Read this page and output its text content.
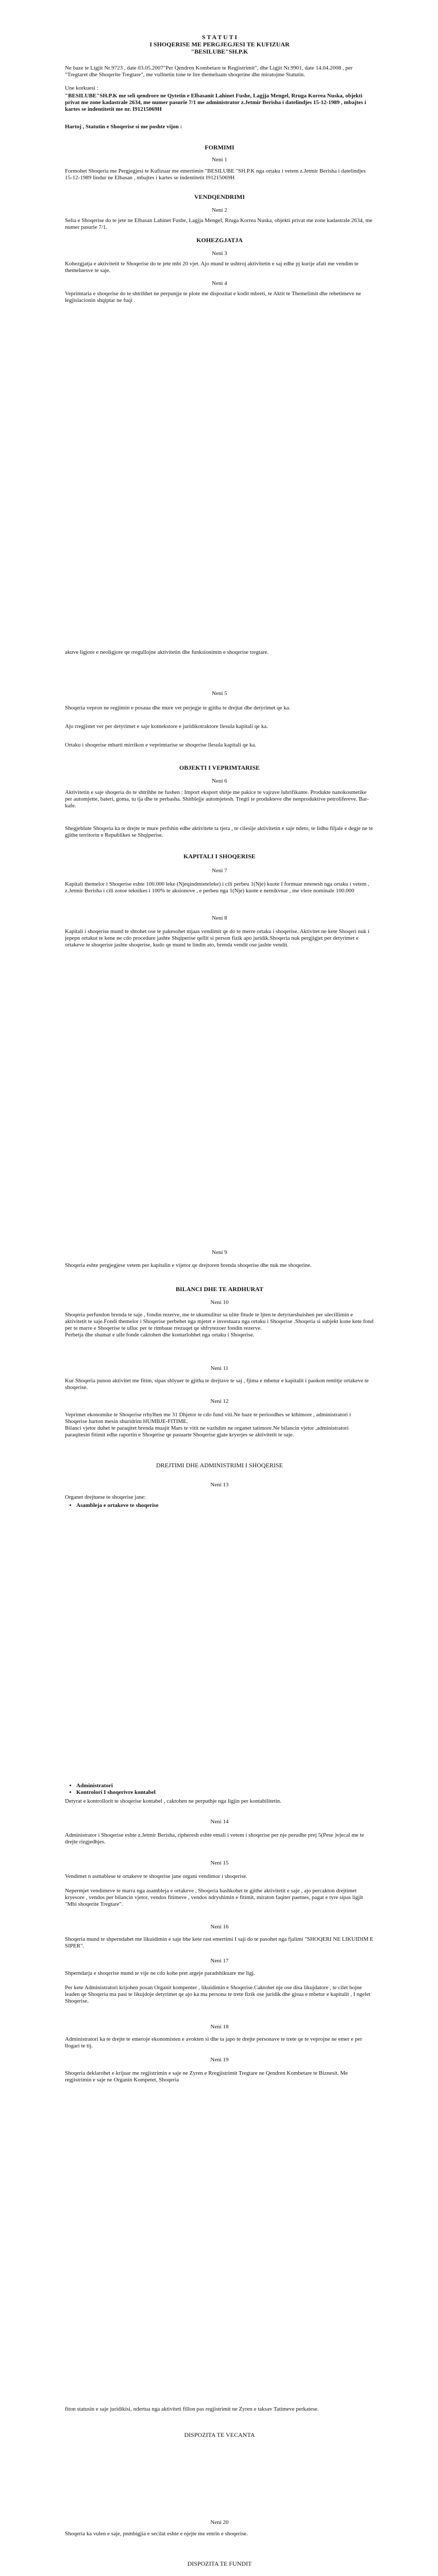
S T A T U T I
I SHOQERISE ME PERGJEGJESI TE KUFIZUAR
"BESILUBE"SH.P.K

Ne baze te Ligjit Nr.9723 , date 03.05.2007"Per Qendren Kombetare te Regjistrimit", dhe Ligjit Nr.9901, date 14.04.2008 , per "Tregtaret dhe Shoqerite Tregtare", me vullnetin tone te lire themeluam shoqerine dhe miratojme Statutin.

Une korkuesi :

"BESILUBE"SH.P.K me seli qendrore ne Qytetin e Elbasanit Lahinet Fushe, Lagjja Mengel, Rruga Korrea Nuska, objekti privat me zone kadastrale 2634, me numer pasurie 7/1 me administrator z.Jetmir Berisha i datelindjes 15-12-1989 , mbajtes i kartes se indentitetit me nr. I91215069H

Hartoj , Statutin e Shoqerise si me poshte vijon :

FORMIMI
Neni 1

Formohet Shoqeria me Pergjegjesi te Kufizuar me emertimin "BESILUBE "SH.P.K nga ortaku i vetem z.Jetmir Berisha i datelindjes 15-12-1989 lindur ne Elbasan , mbajtes i kartes se indentitetit I91215069H

VENDQENDRIMI
Neni 2

Selia e Shoqerise do te jete ne Elbasan Lahinet Fushe, Lagjja Mengel, Rruga Korrea Nuska, objekti privat me zone kadastrale 2634, me numer pasurie 7/1.

KOHEZGJATJA
Neni 3

Kohezgjatja e aktivitetit te Shoqerise do te jete mbi 20 vjet. Ajo mund te ushtroj aktivitetin e saj edhe pj kurije afati me vendim te themeluesve te saje.

Neni 4

Veprimtaria e shoqerise do te shtrihhet ne perpunjje te plote me dispozitat e kodit mbreti, te Aktit te Themelimit dhe rebetimeve ne legjislacionin shqiptar ne fuqi .

akuve ligjore e neoligjore qe rregullojne aktivitetin dhe funksionimin e shoqerise tregtare.

Neni 5

Shoqeria vepron ne regjimin e posaua dhe mure vet perjegje te gjitha te drejtat dhe detyrimet qe ka.

Ajo rregjistet ver per detyrimet e saje kontekstore e juridikotraktore llesula kapitali qe ka.

Ortaku i shoqerise mbarti mirrikon e veprimtarise se shoqerise llesula kapitali qe ka.

OBJEKTI I VEPRIMTARISE
Neni 6

Aktivitetin e saje shoqeria do te shtrihhe ne fushen : Import eksport shitje me pakice te vajrave lubrifikante. Produkte nanokosmetike per automjette, bateri, goma, tu tja dhe te perbasha. Shitblejje automjetesh. Tregti te produkteve dhe nenproduktive petrolifereve. Bar-kafe.

Shegjeblute Shoqeria ka te drejte te mure perfshin edhe aktivitete ta tjera , te cilesije aktivitetin e saje ndeto, te lidhu filjale e degje ne te gjithe territorin e Republikes se Shqiperise.

KAPITALI I SHOQERISE
Neni 7

Kapitali themelor i Shoqerise eshte 100.000 leke (Njeqindmieteleke) i cili perbeu 1(Nje) kuote I formuar mtenesh nga ortaku i vetem , z.Jetmir Berisha i cili zotoe teknikes i 100% te aksionove , e perbeu nga 1(Nje) kuote e nemikvnar , me vlere nominale 100.000

Neni 8

Kapitali i shoqerise mund te shtohet ose te pakesohet mjaas vendimit qe do te merre ortaku i shoqerise. Aktivitet ne kete Shoqeri nuk i jepepn ortakut te kene ne cdo procedure jashte Shqiperise qellit si person fizik apo juridik.Shoqeria nuk pergjigjet per detyrimet e ortakeve te shoqerise jashte shoqerise, kudo qe mund te lindin ato, brenda vendit ose jashte vendit.

Neni 9

Shoqeria eshte pergjegjese vetem per kapitalin e vijetor qe drejtoren brenda shoqerise dhe nuk me shoqerine.

BILANCI DHE TE ARDHURAT
Neni 10

Shoqeria perfundon brenda te saje , fondin rezerve, me te ukumulitur sa ulite fitude te ljten te detyrueshuishen per ulecillimin e aktivitetit te saje.Fondi themelor i Shoqerise perbehet nga mjetet e investuara nga ortaku i Shoqerise .Shoqeria si subjekt kone kete fond per te marre e Shoqerise te ulluc per te rimbaue rrezuqet qe shfrytezoer fondin rezerve.
Perbetja dhe shumat e ulle fonde caktohen dhe kontarlohhet nga ortaku i Shoqerise.

Neni 11

Kur Shoqeria punon aktivitet me fitim, sipas shlyuer te gjitha te drejtave te saj , fjima e mbetur e kapitalit i paokon rentitje ortakeve te shoqerise.

Neni 12

Veprimet ekonomike te Shoqerise rrhylhen me 31 Dhjetor te cdo fund viti.Ne baze te perioodhes se kthimore , administratori i Shoqerise harton mesin shuridrim HUMBJE-FITIME.
Bilanci vjetor duhet te paraqitet brenda muajit Mars te vitit ne vazhdim ne organet tatimore.Ne bilancin vjetor ,administratori paraqitesin fitimit edhe raportin e Shoqerise qe pasuarte Shoqerise gjate kryerjes se aktivitetit te saje.

DREJTIMI DHE ADMINISTRIMI I SHOQERISE
Neni 13

Organet drejtuese te shoqerise jane:

• Asambleja e ortakeve te shoqerise
• Administratori
• Kontrolori I shoqerivre kontabel

Detyrat e kontrollorit te shoqerise kontabel , caktohen ne perputhje nga ligjin per kontabilitetin.

Neni 14

Administrator i Shoqerise eshte z.Jetmir Berisha, ripheresh eshte emali i vetem i shoqerise per nje perudhe prej 5(Pese )vjecal me te drejte rizgjedhjes.

Neni 15

Vendimet n asmablese te ortakeve te shoqerise jane organi vendimor i shoqerise.

Nepermjet vendimeve te marra nga asambleja e ortakeve , Shoqeria bashkohet te gjithe aktivitetit e saje , ajo percakton drejtimet kryesore , vendos per bilancin vjetor, vendos fitimeve , vendos ndryshimin e fitimit, miraton faqiter paetnes, pagat e tyre sipas ligjit "Mbi shoqerite Tregtare".

Neni 16

Shoqeria mund te shperndahet me likuidimin e saje bhe kete rast emertimi I saji do te pasohet nga fjalimi "SHOQERI NE LIKUIDIM E SIPER".

Neni 17

Shperndarja e shoqerise mund te vije ne cdo kohe pret argeje paradshikuare me ligj.

Per kete Administratori krijohen posan Organit kompenter , likuidimin e Shoqerise.Caktohet nje ose disa likujdatore , te cilet bojne leaden qe Shoqeria ma pasi te likujdoje detyrimet qe ajo ka ma persona te trete fizik ose juridik dhe gjsua e mbetur e kapitalit , I ngelet Shoqerise.

Neni 18

Administratori ka te drejte te emeroje ekonomisten e avokten si dhe ta japo te drejte personave te trete qe te veprojne ne emer e per llogari te tij.

Neni 19

Shoqeria deklarohet e krijuar me regjistrimin e saje ne Zyren e Rregjistrimit Tregtare ne Qendren Kombetare te Biznesit. Me regjistrimin e saje ne Organin Kompetet, Shoqeria

fiton statusin e saje juridikisi, ndertua nga aktiviteti fillon pas regjistrimit ne Zyren e taksav Tatimeve perkatese.

DISPOZITA TE VECANTA
Neni 20

Shoqeria ka vulen e saje, pnmbigjia e secilat eshte e njejte me emrin e shoqerise.

DISPOZITA TE FUNDIT
